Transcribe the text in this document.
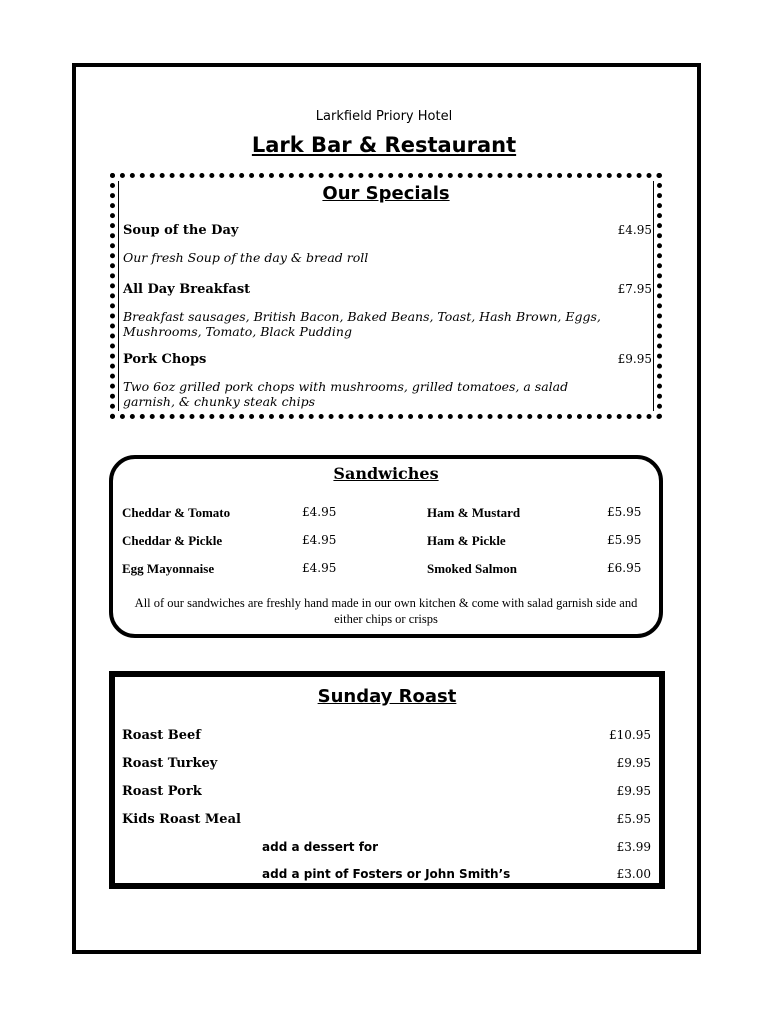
Larkfield Priory Hotel
Lark Bar & Restaurant
Our Specials
Soup of the Day	£4.95
Our fresh Soup of the day & bread roll
All Day Breakfast	£7.95
Breakfast sausages, British Bacon, Baked Beans, Toast, Hash Brown, Eggs, Mushrooms, Tomato, Black Pudding
Pork Chops	£9.95
Two 6oz grilled pork chops with mushrooms, grilled tomatoes, a salad garnish, & chunky steak chips
Sandwiches
Cheddar & Tomato	£4.95
Cheddar & Pickle	£4.95
Egg Mayonnaise	£4.95
Ham & Mustard	£5.95
Ham & Pickle	£5.95
Smoked Salmon	£6.95
All of our sandwiches are freshly hand made in our own kitchen & come with salad garnish side and either chips or crisps
Sunday Roast
Roast Beef	£10.95
Roast Turkey	£9.95
Roast Pork	£9.95
Kids Roast Meal	£5.95
add a dessert for	£3.99
add a pint of Fosters or John Smith’s	£3.00
